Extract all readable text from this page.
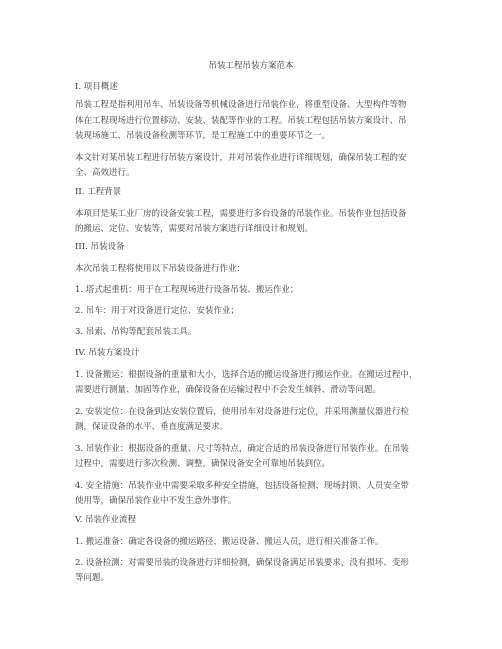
吊装工程吊装方案范本
I. 项目概述
吊装工程是指利用吊车、吊装设备等机械设备进行吊装作业，将重型设备、大型构件等物
体在工程现场进行位置移动、安装、装配等作业的工程。吊装工程包括吊装方案设计、吊
装现场施工、吊装设备检测等环节，是工程施工中的重要环节之一。
本文针对某吊装工程进行吊装方案设计，并对吊装作业进行详细规划，确保吊装工程的安
全、高效进行。
II. 工程背景
本项目是某工业厂房的设备安装工程，需要进行多台设备的吊装作业。吊装作业包括设备
的搬运、定位、安装等，需要对吊装方案进行详细设计和规划。
III. 吊装设备
本次吊装工程将使用以下吊装设备进行作业：
1. 塔式起重机：用于在工程现场进行设备吊装、搬运作业；
2. 吊车：用于对设备进行定位、安装作业；
3. 吊索、吊钩等配套吊装工具。
IV. 吊装方案设计
1. 设备搬运：根据设备的重量和大小，选择合适的搬运设备进行搬运作业。在搬运过程中，
需要进行测量、加固等作业，确保设备在运输过程中不会发生倾斜、滑动等问题。
2. 安装定位：在设备到达安装位置后，使用吊车对设备进行定位，并采用测量仪器进行检
测，保证设备的水平、垂直度满足要求。
3. 吊装作业：根据设备的重量、尺寸等特点，确定合适的吊装设备进行吊装作业。在吊装
过程中，需要进行多次检测、调整，确保设备安全可靠地吊装到位。
4. 安全措施：吊装作业中需要采取多种安全措施，包括设备检测、现场封锁、人员安全带
使用等，确保吊装作业中不发生意外事件。
V. 吊装作业流程
1. 搬运准备：确定各设备的搬运路径、搬运设备、搬运人员，进行相关准备工作。
2. 设备检测：对需要吊装的设备进行详细检测，确保设备满足吊装要求，没有损坏、变形
等问题。
